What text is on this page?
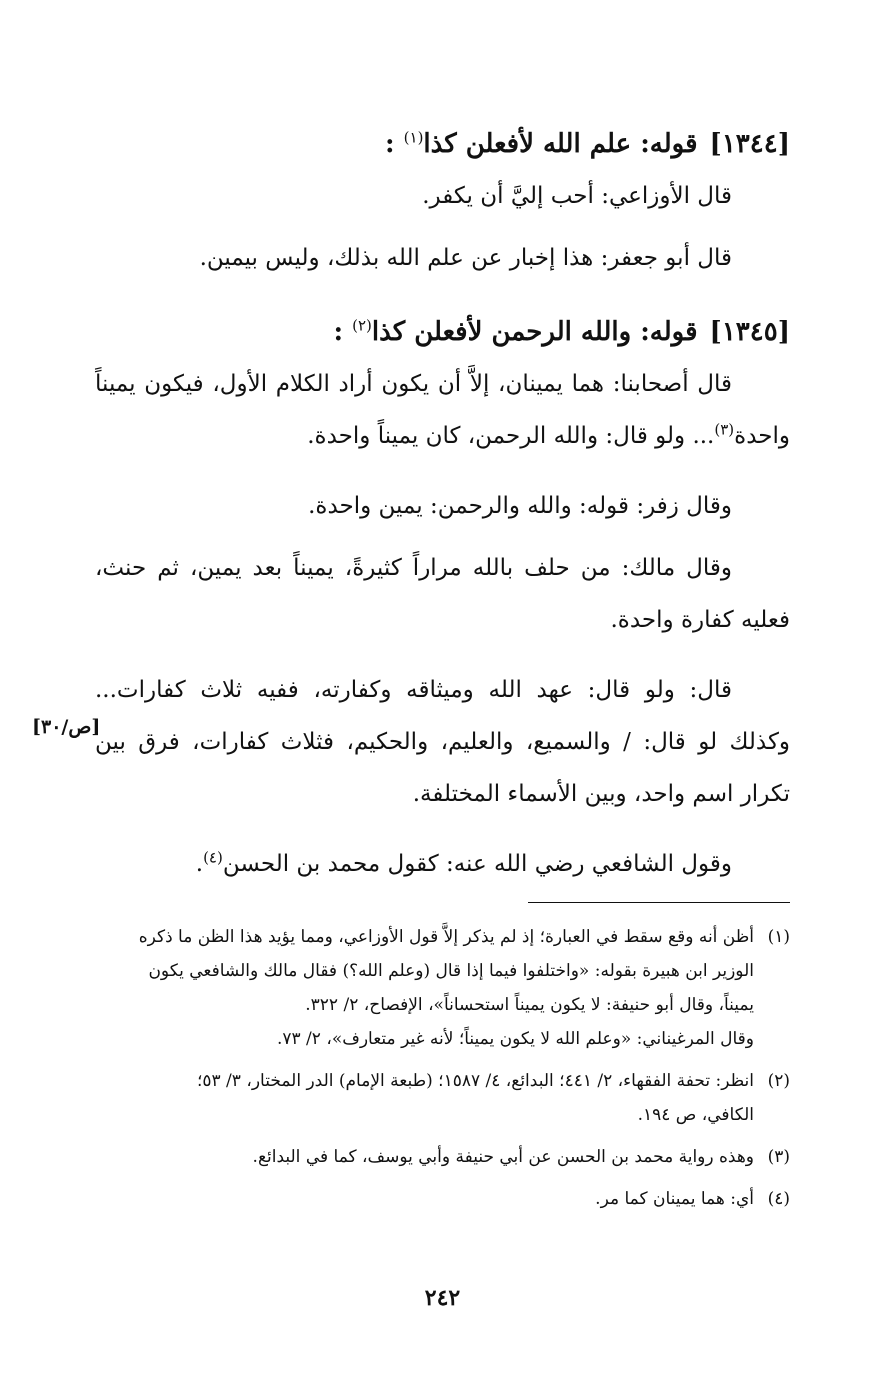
[١٣٤٤]قوله: علم الله لأفعلن كذا$^{(١)}$ :

قال الأوزاعي: أحب إليَّ أن يكفر.

قال أبو جعفر: هذا إخبار عن علم الله بذلك، وليس بيمين.

[١٣٤٥]قوله: والله الرحمن لأفعلن كذا$^{(٢)}$ :

قال أصحابنا: هما يمينان، إلاَّ أن يكون أراد الكلام الأول، فيكون يميناً واحدة$^{(٣)}$... ولو قال: والله الرحمن، كان يميناً واحدة.

وقال زفر: قوله: والله والرحمن: يمين واحدة.

وقال مالك: من حلف بالله مراراً كثيرةً، يميناً بعد يمين، ثم حنث، فعليه كفارة واحدة.

[ص/٣٠]

قال: ولو قال: عهد الله وميثاقه وكفارته، ففيه ثلاث كفارات... وكذلك لو قال: / والسميع، والعليم، والحكيم، فثلاث كفارات، فرق بين تكرار اسم واحد، وبين الأسماء المختلفة.

وقول الشافعي رضي الله عنه: كقول محمد بن الحسن$^{(٤)}$.

(١)
أظن أنه وقع سقط في العبارة؛ إذ لم يذكر إلاَّ قول الأوزاعي، ومما يؤيد هذا الظن ما ذكره
الوزير ابن هبيرة بقوله: «واختلفوا فيما إذا قال (وعلم الله؟) فقال مالك والشافعي يكون
يميناً، وقال أبو حنيفة: لا يكون يميناً استحساناً»، الإفصاح، ٢/ ٣٢٢.
وقال المرغيناني: «وعلم الله لا يكون يميناً؛ لأنه غير متعارف»، ٢/ ٧٣.
(٢)
انظر: تحفة الفقهاء، ٢/ ٤٤١؛ البدائع، ٤/ ١٥٨٧؛ (طبعة الإمام) الدر المختار، ٣/ ٥٣؛
الكافي، ص ١٩٤.
(٣)
وهذه رواية محمد بن الحسن عن أبي حنيفة وأبي يوسف، كما في البدائع.
(٤)
أي: هما يمينان كما مر.
٢٤٢
